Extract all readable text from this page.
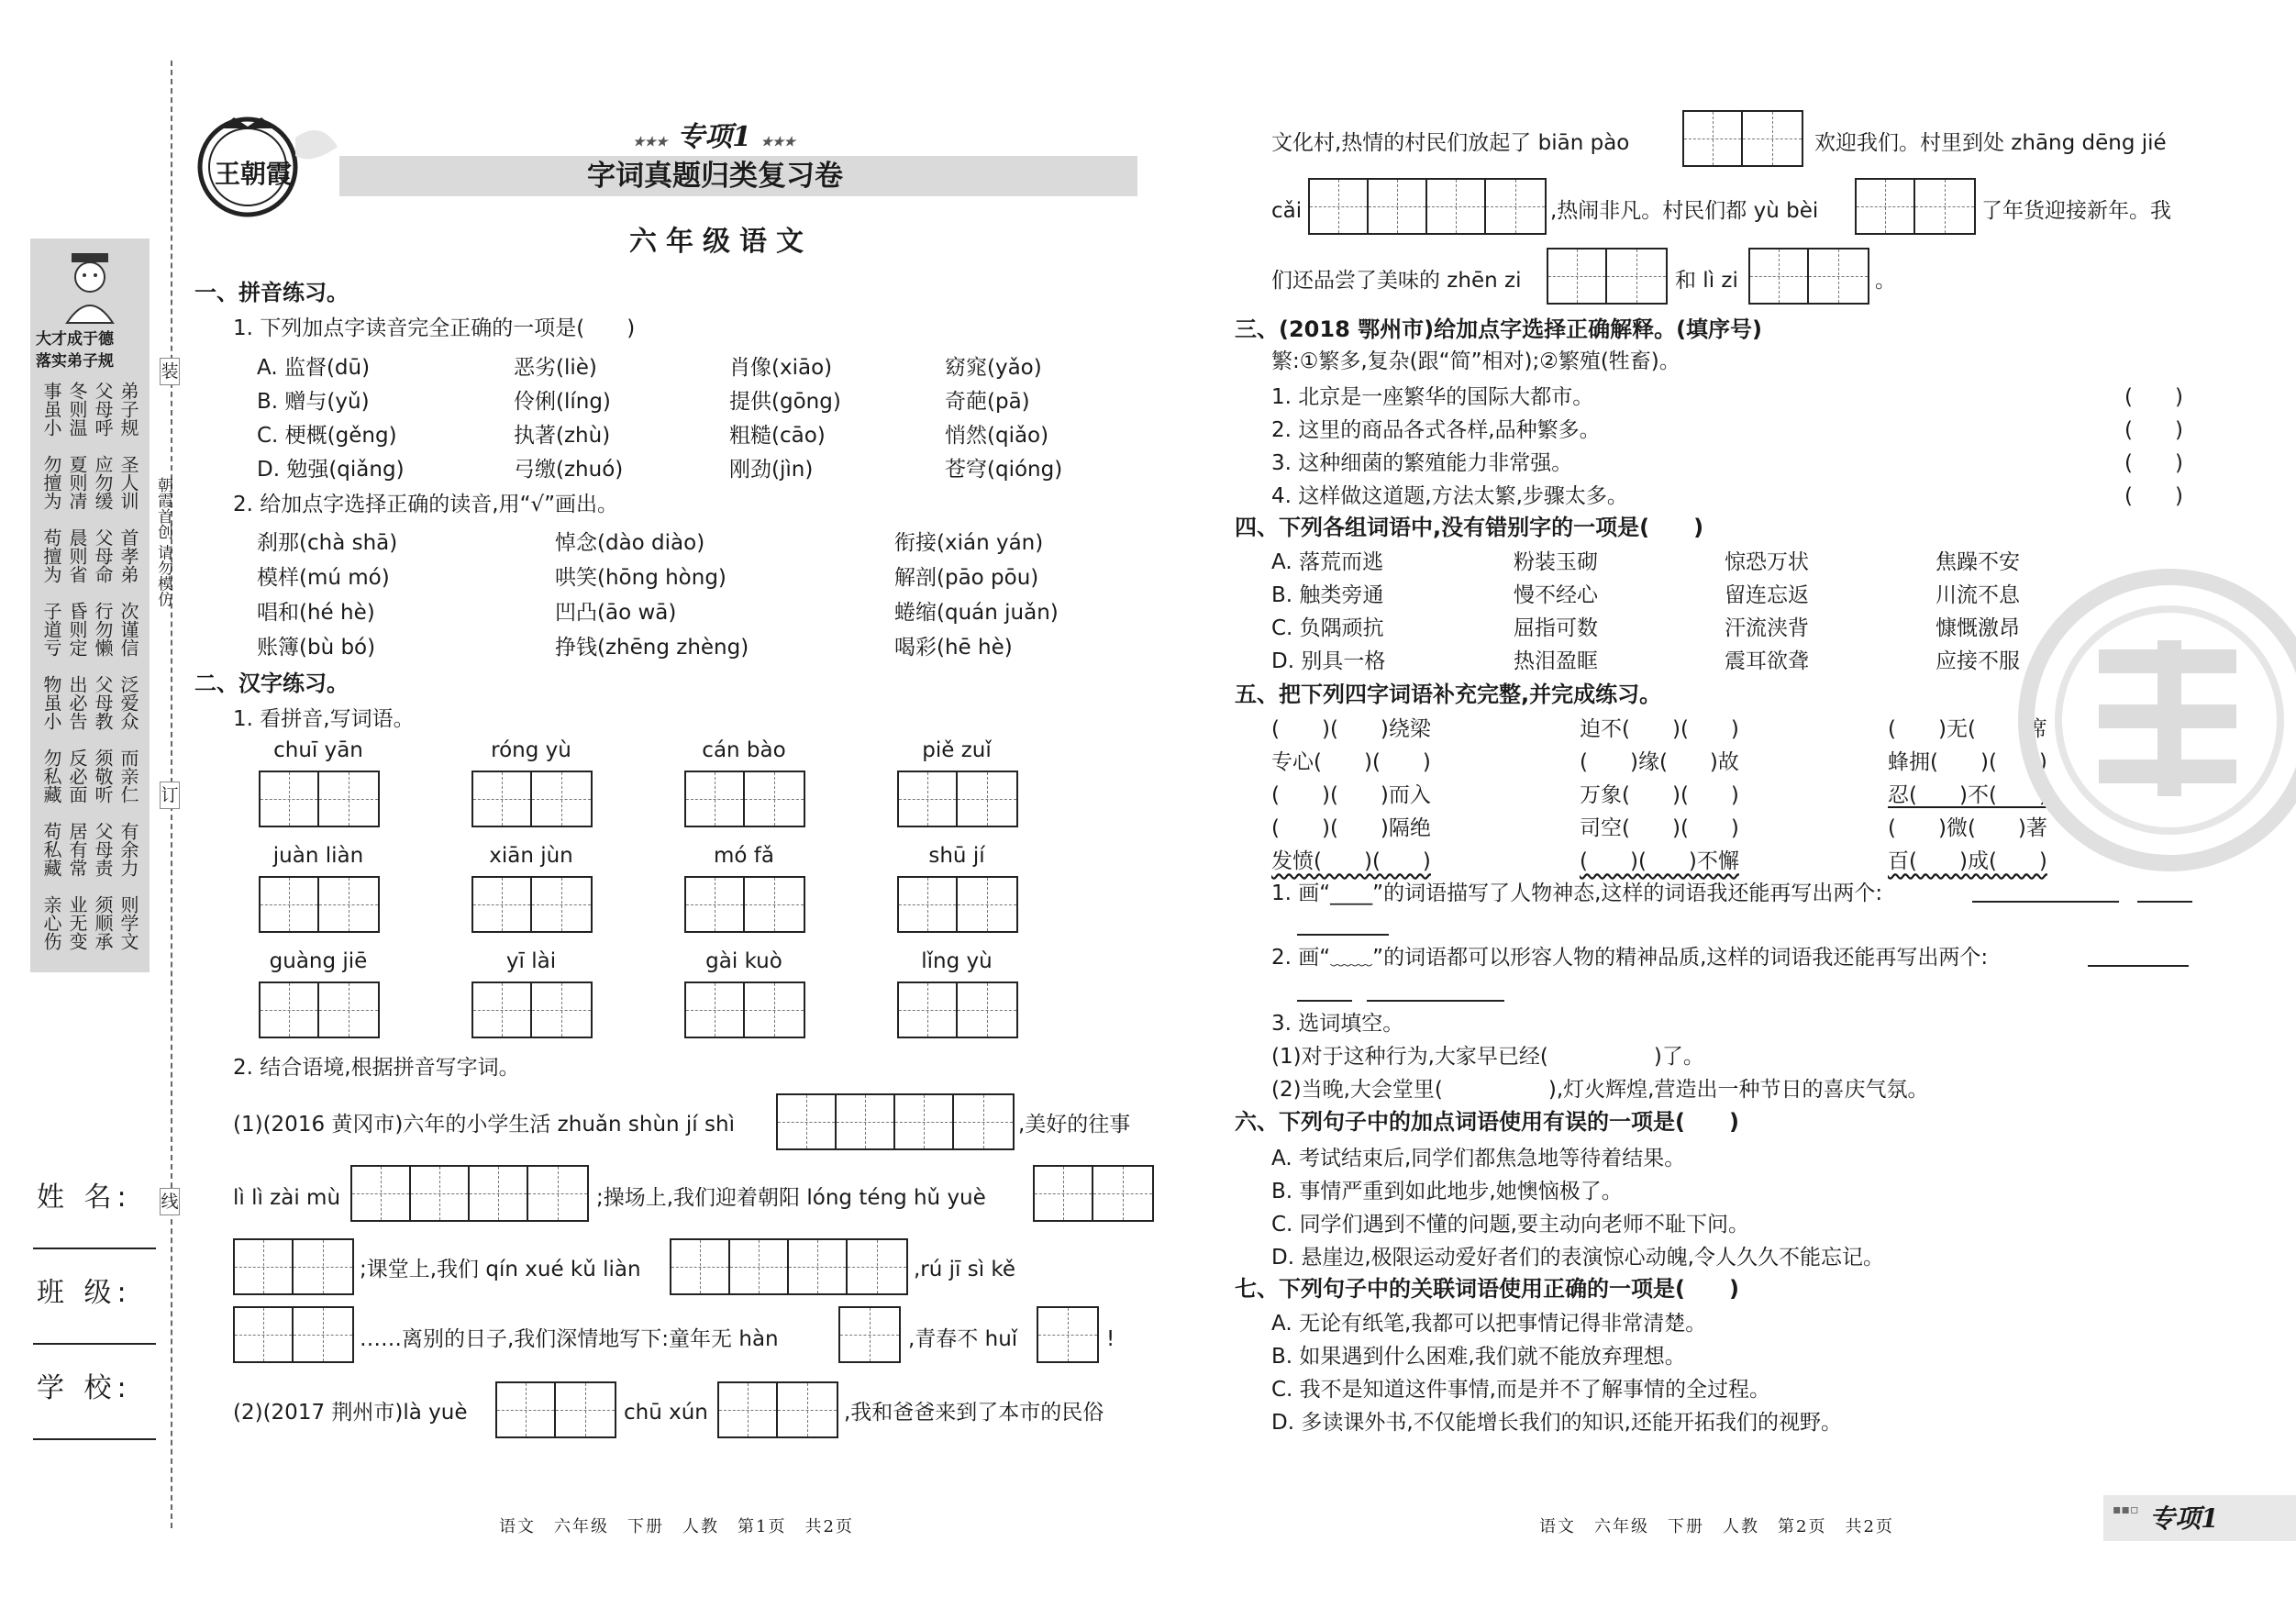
装
订
线
朝霞首创 请勿模仿
大才成于德
落实弟子规
事虽小 冬则温 父母呼 弟子规
勿擅为 夏则凊 应勿缓 圣人训
苟擅为 晨则省 父母命 首孝弟
子道亏 昏则定 行勿懒 次谨信
物虽小 出必告 父母教 泛爱众
勿私藏 反必面 须敬听 而亲仁
苟私藏 居有常 父母责 有余力
亲心伤 业无变 须顺承 则学文
姓 名:
班 级:
学 校:
王朝霞
★★★ 专项1 ★★★
字词真题归类复习卷
六年级语文
一、拼音练习。
1. 下列加点字读音完全正确的一项是(　　)
A. 监督(dū)	恶劣(liè)	肖像(xiāo)	窈窕(yǎo)
B. 赠与(yǔ)	伶俐(líng)	提供(gōng)	奇葩(pā)
C. 梗概(gěng)	执著(zhù)	粗糙(cāo)	悄然(qiǎo)
D. 勉强(qiǎng)	弓缴(zhuó)	刚劲(jìn)	苍穹(qióng)
2. 给加点字选择正确的读音,用“√”画出。
刹那(chà shā)	悼念(dào diào)	衔接(xián yán)
模样(mú mó)	哄笑(hōng hòng)	解剖(pāo pōu)
唱和(hé hè)	凹凸(āo wā)	蜷缩(quán juǎn)
账簿(bù bó)	挣钱(zhēng zhèng)	喝彩(hē hè)
二、汉字练习。
1. 看拼音,写词语。
chuī yān	róng yù	cán bào	piě zuǐ
juàn liàn	xiān jùn	mó fǎ	shū jí
guàng jiē	yī lài	gài kuò	lǐng yù
2. 结合语境,根据拼音写字词。
(1)(2016 黄冈市)六年的小学生活 zhuǎn shùn jí shì	,美好的往事
lì lì zài mù	;操场上,我们迎着朝阳 lóng téng hǔ yuè
;课堂上,我们 qín xué kǔ liàn	,rú jī sì kě
……离别的日子,我们深情地写下:童年无 hàn	,青春不 huǐ	!
(2)(2017 荆州市)là yuè	chū xún	,我和爸爸来到了本市的民俗
语文　六年级　下册　人教　第1页　共2页
文化村,热情的村民们放起了 biān pào	欢迎我们。村里到处 zhāng dēng jié
cǎi	,热闹非凡。村民们都 yù bèi	了年货迎接新年。我
们还品尝了美味的 zhēn zi	和 lì zi	。
三、(2018 鄂州市)给加点字选择正确解释。(填序号)
繁:①繁多,复杂(跟“简”相对);②繁殖(牲畜)。
1. 北京是一座繁华的国际大都市。	(　　)
2. 这里的商品各式各样,品种繁多。	(　　)
3. 这种细菌的繁殖能力非常强。	(　　)
4. 这样做这道题,方法太繁,步骤太多。	(　　)
四、下列各组词语中,没有错别字的一项是(　　)
A. 落荒而逃	粉装玉砌	惊恐万状	焦躁不安
B. 触类旁通	慢不经心	留连忘返	川流不息
C. 负隅顽抗	屈指可数	汗流浃背	慷慨激昂
D. 别具一格	热泪盈眶	震耳欲聋	应接不服
五、把下列四字词语补充完整,并完成练习。
(　　)(　　)绕梁	迫不(　　)(　　)	(　　)无(　　)席
专心(　　)(　　)	(　　)缘(　　)故	蜂拥(　　)(　　)
(　　)(　　)而入	万象(　　)(　　)	忍(　　)不(　　)
(　　)(　　)隔绝	司空(　　)(　　)	(　　)微(　　)著
发愤(　　)(　　)	(　　)(　　)不懈	百(　　)成(　　)
1. 画“____”的词语描写了人物神态,这样的词语我还能再写出两个:
2. 画“﹏﹏”的词语都可以形容人物的精神品质,这样的词语我还能再写出两个:
3. 选词填空。
(1)对于这种行为,大家早已经(　　　　　)了。
(2)当晚,大会堂里(　　　　　),灯火辉煌,营造出一种节日的喜庆气氛。
六、下列句子中的加点词语使用有误的一项是(　　)
A. 考试结束后,同学们都焦急地等待着结果。
B. 事情严重到如此地步,她懊恼极了。
C. 同学们遇到不懂的问题,要主动向老师不耻下问。
D. 悬崖边,极限运动爱好者们的表演惊心动魄,令人久久不能忘记。
七、下列句子中的关联词语使用正确的一项是(　　)
A. 无论有纸笔,我都可以把事情记得非常清楚。
B. 如果遇到什么困难,我们就不能放弃理想。
C. 我不是知道这件事情,而是并不了解事情的全过程。
D. 多读课外书,不仅能增长我们的知识,还能开拓我们的视野。
语文　六年级　下册　人教　第2页　共2页
▪▪▫ 专项1
